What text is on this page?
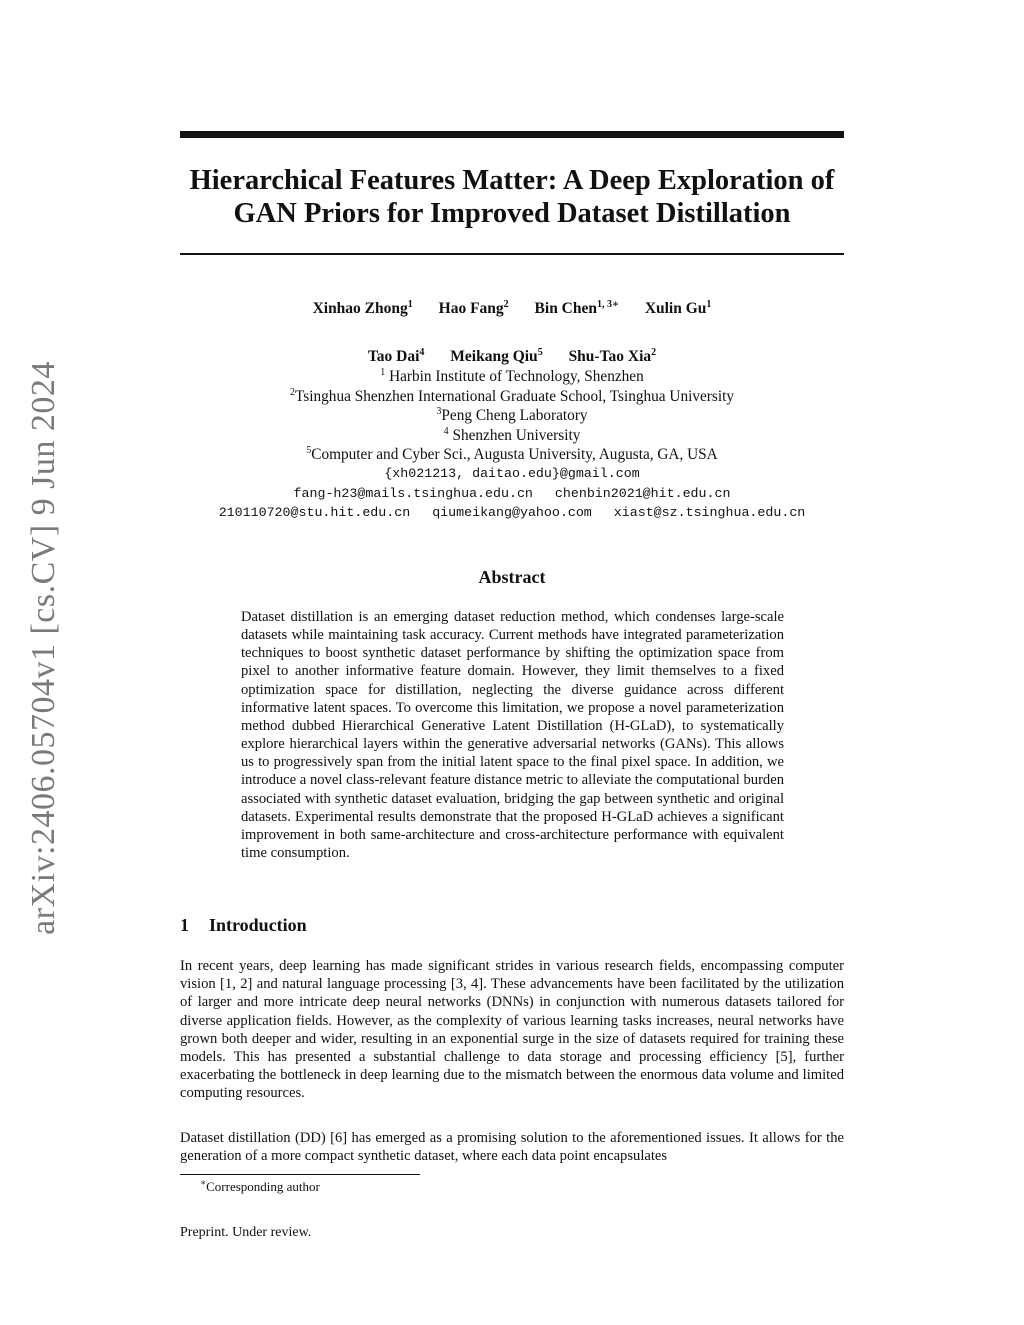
arXiv:2406.05704v1 [cs.CV] 9 Jun 2024
Hierarchical Features Matter: A Deep Exploration of GAN Priors for Improved Dataset Distillation
Xinhao Zhong$^1$ Hao Fang$^2$ Bin Chen$^{1, 3∗}$ Xulin Gu$^1$
Tao Dai$^4$ Meikang Qiu$^5$ Shu-Tao Xia$^2$
$^1$ Harbin Institute of Technology, Shenzhen
$^2$Tsinghua Shenzhen International Graduate School, Tsinghua University
$^3$Peng Cheng Laboratory
$^4$ Shenzhen University
$^5$Computer and Cyber Sci., Augusta University, Augusta, GA, USA
{xh021213, daitao.edu}@gmail.com
fang-h23@mails.tsinghua.edu.cn chenbin2021@hit.edu.cn
210110720@stu.hit.edu.cn qiumeikang@yahoo.com xiast@sz.tsinghua.edu.cn
Abstract

Dataset distillation is an emerging dataset reduction method, which condenses large-scale datasets while maintaining task accuracy. Current methods have integrated parameterization techniques to boost synthetic dataset performance by shifting the optimization space from pixel to another informative feature domain. However, they limit themselves to a fixed optimization space for distillation, neglecting the diverse guidance across different informative latent spaces. To overcome this limitation, we propose a novel parameterization method dubbed Hierarchical Generative Latent Distillation (H-GLaD), to systematically explore hierarchical layers within the generative adversarial networks (GANs). This allows us to progressively span from the initial latent space to the final pixel space. In addition, we introduce a novel class-relevant feature distance metric to alleviate the computational burden associated with synthetic dataset evaluation, bridging the gap between synthetic and original datasets. Experimental results demonstrate that the proposed H-GLaD achieves a significant improvement in both same-architecture and cross-architecture performance with equivalent time consumption.

1 Introduction

In recent years, deep learning has made significant strides in various research fields, encompassing computer vision [1, 2] and natural language processing [3, 4]. These advancements have been facilitated by the utilization of larger and more intricate deep neural networks (DNNs) in conjunction with numerous datasets tailored for diverse application fields. However, as the complexity of various learning tasks increases, neural networks have grown both deeper and wider, resulting in an exponential surge in the size of datasets required for training these models. This has presented a substantial challenge to data storage and processing efficiency [5], further exacerbating the bottleneck in deep learning due to the mismatch between the enormous data volume and limited computing resources.

Dataset distillation (DD) [6] has emerged as a promising solution to the aforementioned issues. It allows for the generation of a more compact synthetic dataset, where each data point encapsulates

∗Corresponding author
Preprint. Under review.
